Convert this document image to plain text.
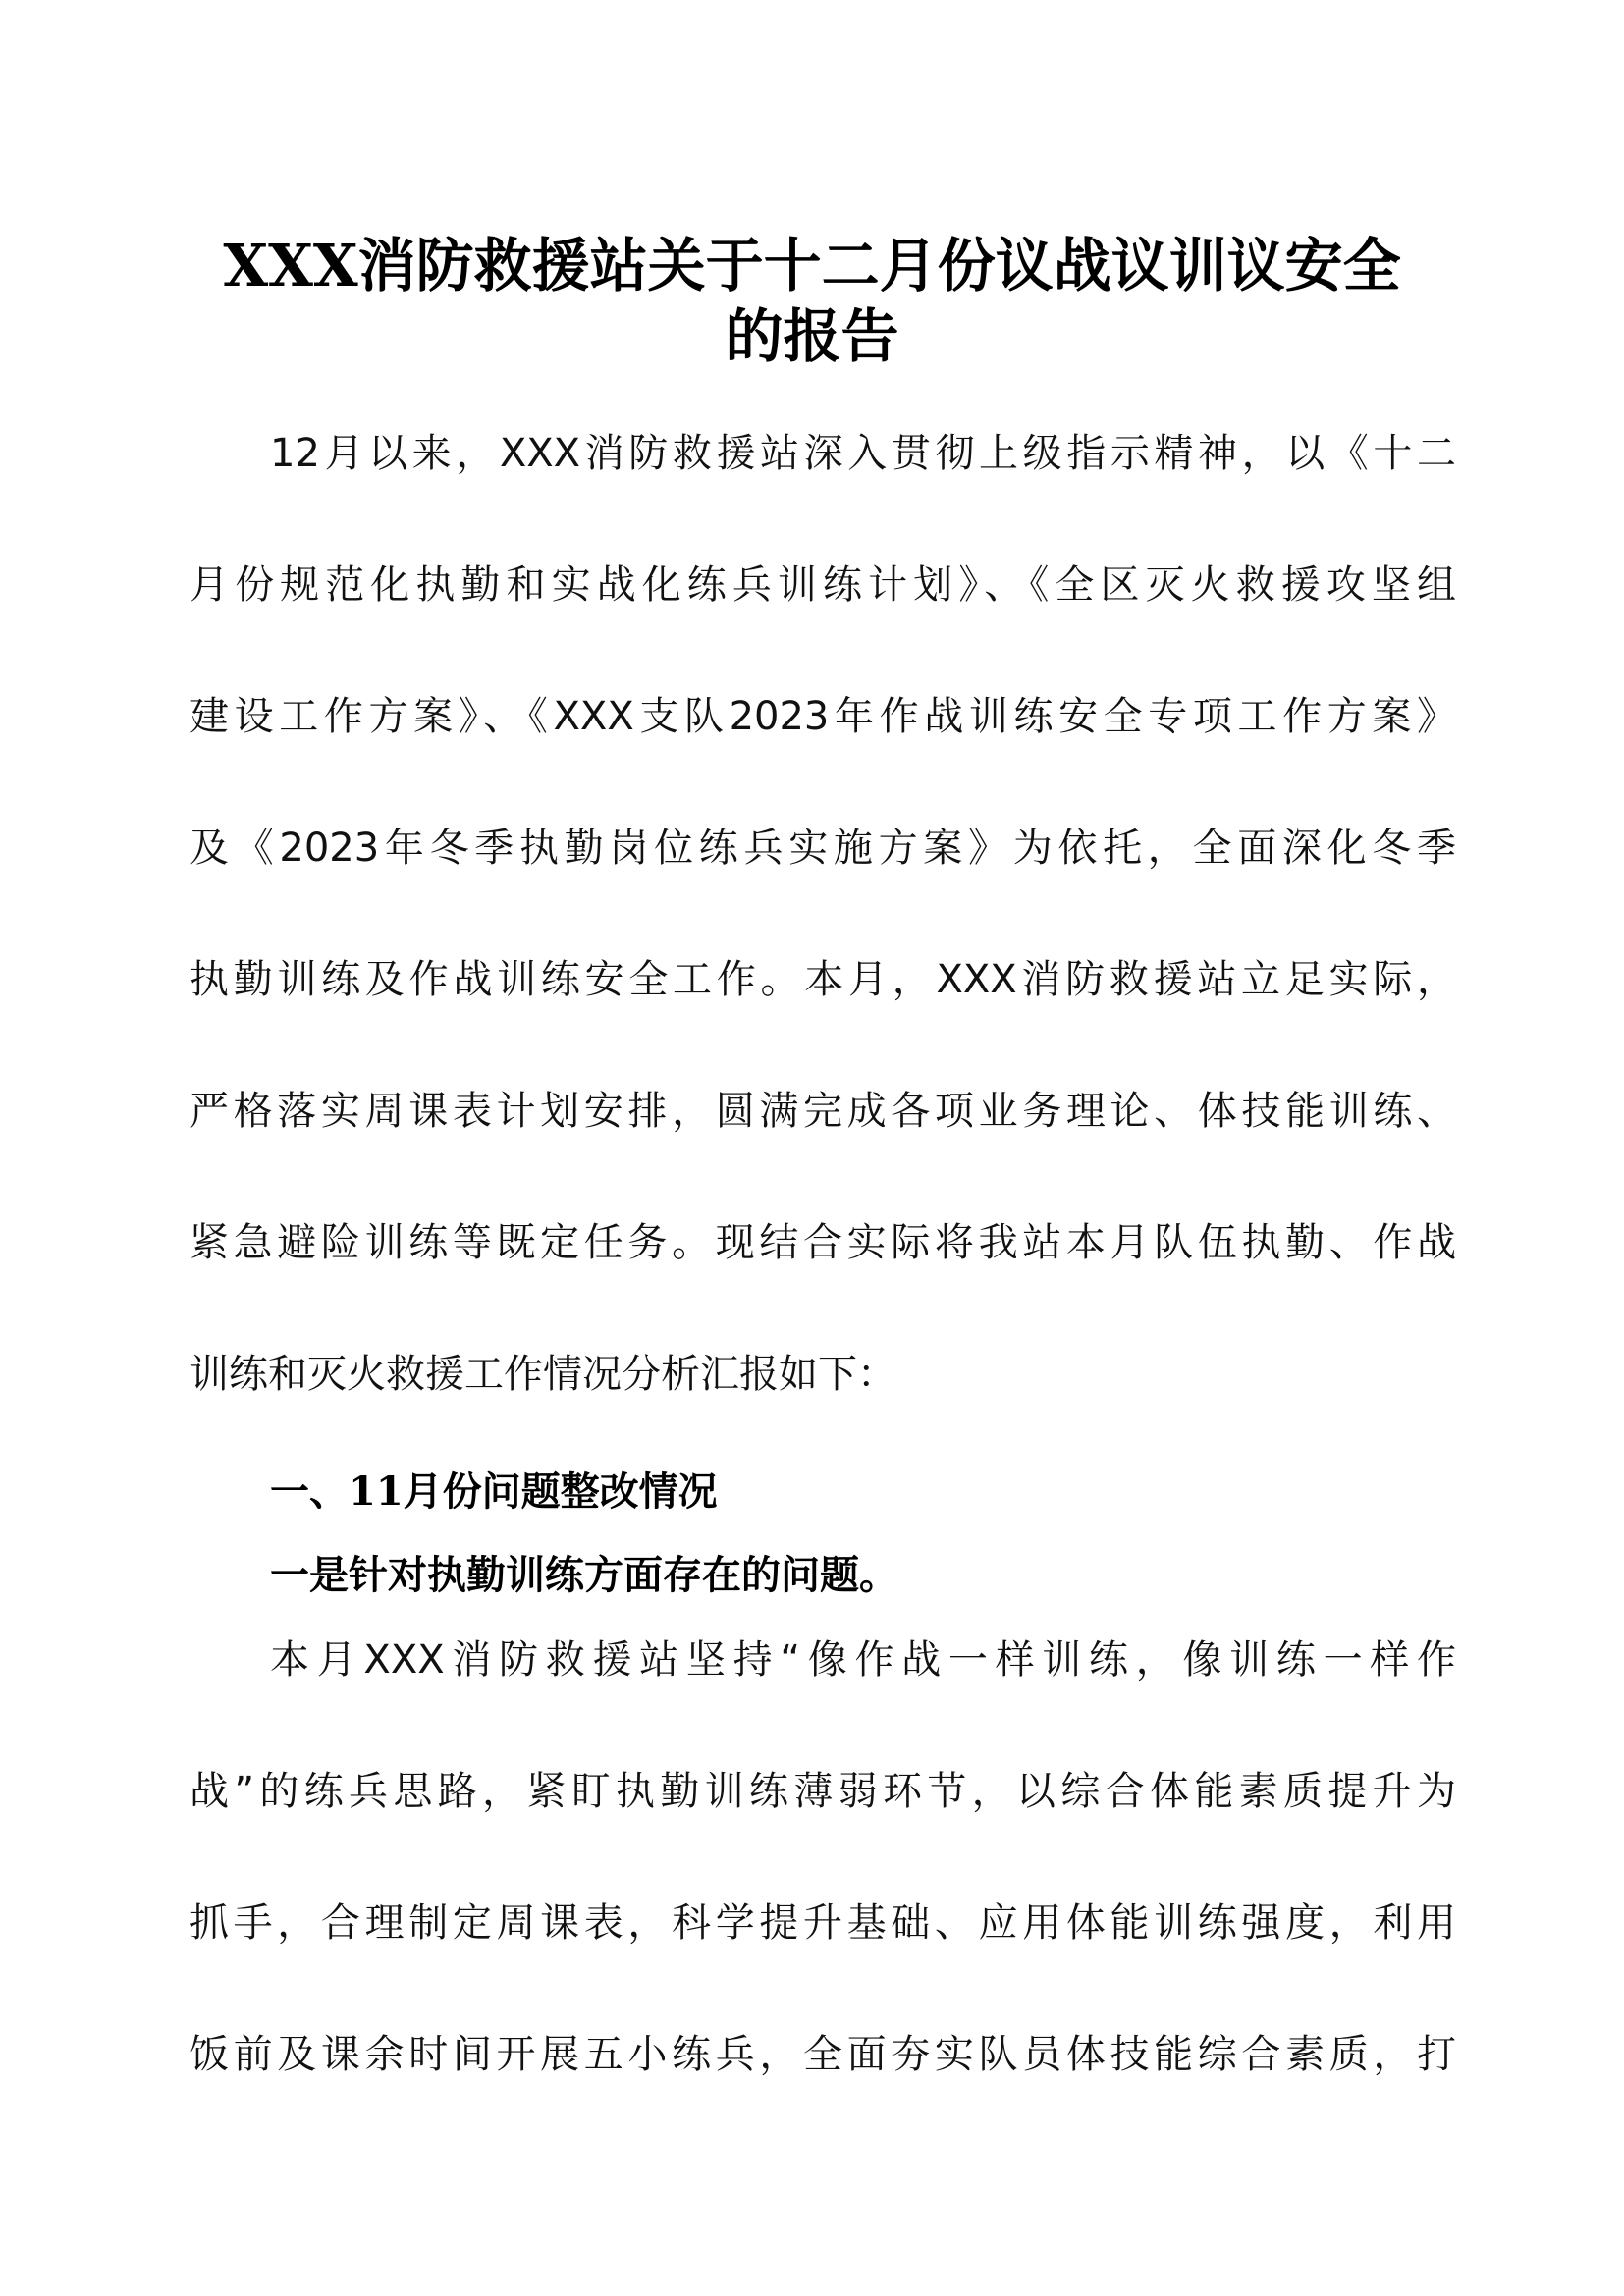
XXX消防救援站关于十二月份议战议训议安全
的报告
12月以来，XXX消防救援站深入贯彻上级指示精神，以《十二
月份规范化执勤和实战化练兵训练计划》、《全区灭火救援攻坚组
建设工作方案》、《XXX支队2023年作战训练安全专项工作方案》
及《2023年冬季执勤岗位练兵实施方案》为依托，全面深化冬季
执勤训练及作战训练安全工作。本月，XXX消防救援站立足实际，
严格落实周课表计划安排，圆满完成各项业务理论、体技能训练、
紧急避险训练等既定任务。现结合实际将我站本月队伍执勤、作战
训练和灭火救援工作情况分析汇报如下：
一、11月份问题整改情况
一是针对执勤训练方面存在的问题。
本月XXX消防救援站坚持“像作战一样训练，像训练一样作
战”的练兵思路，紧盯执勤训练薄弱环节，以综合体能素质提升为
抓手，合理制定周课表，科学提升基础、应用体能训练强度，利用
饭前及课余时间开展五小练兵，全面夯实队员体技能综合素质，打
